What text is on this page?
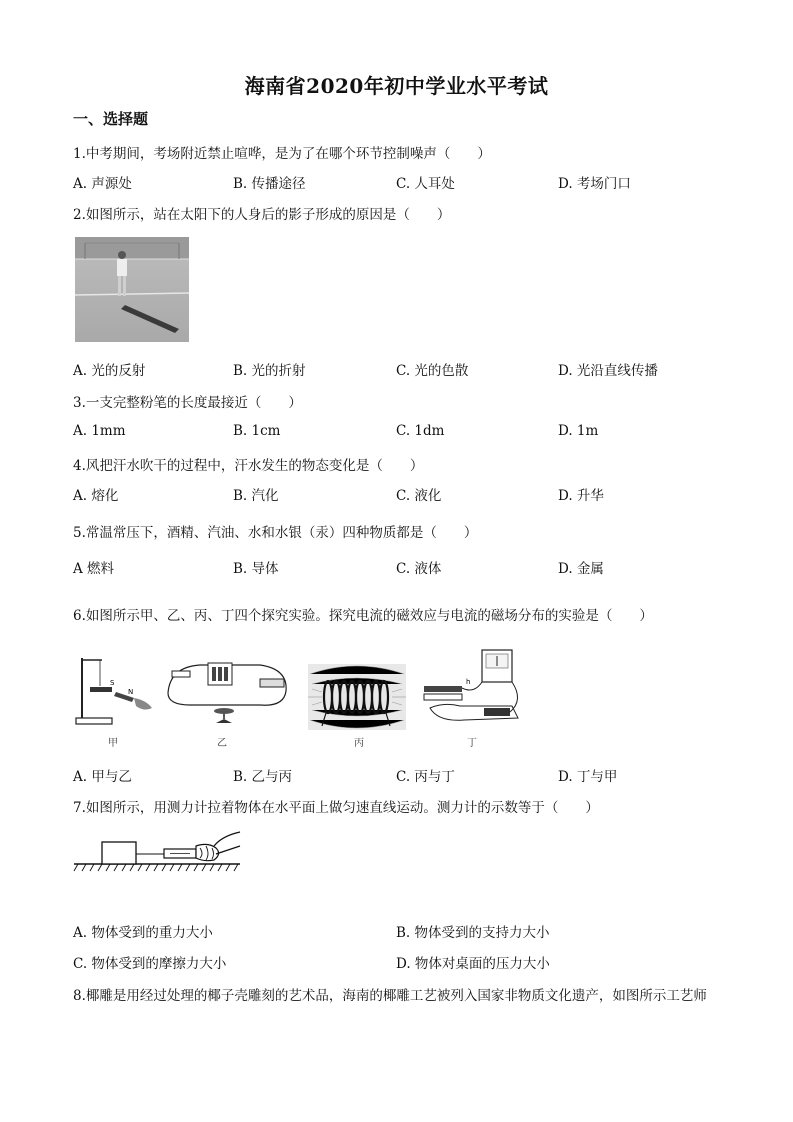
海南省2020年初中学业水平考试
一、选择题
1.中考期间，考场附近禁止喧哗，是为了在哪个环节控制噪声（　　）
A. 声源处	B. 传播途径	C. 人耳处	D. 考场门口
2.如图所示，站在太阳下的人身后的影子形成的原因是（　　）
A. 光的反射	B. 光的折射	C. 光的色散	D. 光沿直线传播
3.一支完整粉笔的长度最接近（　　）
A. 1mm	B. 1cm	C. 1dm	D. 1m
4.风把汗水吹干的过程中，汗水发生的物态变化是（　　）
A. 熔化	B. 汽化	C. 液化	D. 升华
5.常温常压下，酒精、汽油、水和水银（汞）四种物质都是（　　）
A 燃料	B. 导体	C. 液体	D. 金属
6.如图所示甲、乙、丙、丁四个探究实验。探究电流的磁效应与电流的磁场分布的实验是（　　）
S
N
甲	乙	丙
h
丁
A. 甲与乙	B. 乙与丙	C. 丙与丁	D. 丁与甲
7.如图所示，用测力计拉着物体在水平面上做匀速直线运动。测力计的示数等于（　　）
A. 物体受到的重力大小	B. 物体受到的支持力大小
C. 物体受到的摩擦力大小	D. 物体对桌面的压力大小
8.椰雕是用经过处理的椰子壳雕刻的艺术品，海南的椰雕工艺被列入国家非物质文化遗产，如图所示工艺师
